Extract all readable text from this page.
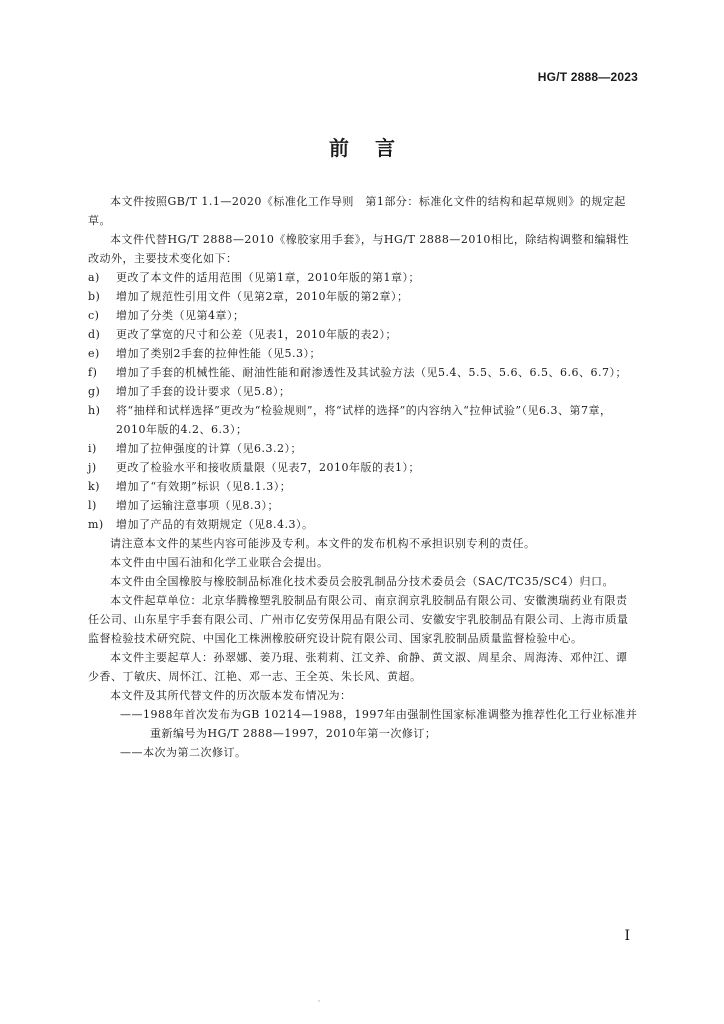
HG/T 2888—2023
前言

本文件按照GB/T 1.1—2020《标准化工作导则　第1部分：标准化文件的结构和起草规则》的规定起草。

本文件代替HG/T 2888—2010《橡胶家用手套》，与HG/T 2888—2010相比，除结构调整和编辑性改动外，主要技术变化如下：

a) 更改了本文件的适用范围（见第1章，2010年版的第1章）；

b) 增加了规范性引用文件（见第2章，2010年版的第2章）；

c) 增加了分类（见第4章）；

d) 更改了掌宽的尺寸和公差（见表1，2010年版的表2）；

e) 增加了类别2手套的拉伸性能（见5.3）；

f) 增加了手套的机械性能、耐油性能和耐渗透性及其试验方法（见5.4、5.5、5.6、6.5、6.6、6.7）；

g) 增加了手套的设计要求（见5.8）；

h) 将“抽样和试样选择”更改为“检验规则”，将“试样的选择”的内容纳入“拉伸试验”（见6.3、第7章，2010年版的4.2、6.3）；

i) 增加了拉伸强度的计算（见6.3.2）；

j) 更改了检验水平和接收质量限（见表7，2010年版的表1）；

k) 增加了“有效期”标识（见8.1.3）；

l) 增加了运输注意事项（见8.3）；

m) 增加了产品的有效期规定（见8.4.3）。

请注意本文件的某些内容可能涉及专利。本文件的发布机构不承担识别专利的责任。

本文件由中国石油和化学工业联合会提出。

本文件由全国橡胶与橡胶制品标准化技术委员会胶乳制品分技术委员会（SAC/TC35/SC4）归口。

本文件起草单位：北京华腾橡塑乳胶制品有限公司、南京润京乳胶制品有限公司、安徽澳瑞药业有限责任公司、山东星宇手套有限公司、广州市亿安劳保用品有限公司、安徽安宇乳胶制品有限公司、上海市质量监督检验技术研究院、中国化工株洲橡胶研究设计院有限公司、国家乳胶制品质量监督检验中心。

本文件主要起草人：孙翠娜、姜乃琨、张莉莉、江文养、俞静、黄文淑、周星余、周海涛、邓仲江、谭少香、丁敏庆、周怀江、江艳、邓一志、王全英、朱长风、黄超。

本文件及其所代替文件的历次版本发布情况为：

——1988年首次发布为GB 10214—1988，1997年由强制性国家标准调整为推荐性化工行业标准并重新编号为HG/T 2888—1997，2010年第一次修订；

——本次为第二次修订。

I
，
